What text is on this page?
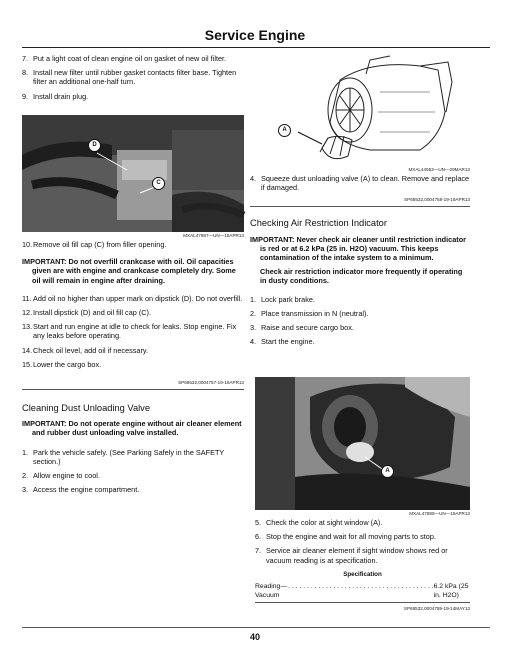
Service Engine
7. Put a light coat of clean engine oil on gasket of new oil filter.
8. Install new filter until rubber gasket contacts filter base. Tighten filter an additional one-half turn.
9. Install drain plug.
D
C
MXAL47887—UN—19APR13
10. Remove oil fill cap (C) from filler opening.
IMPORTANT: Do not overfill crankcase with oil. Oil capacities given are with engine and crankcase completely dry. Some oil will remain in engine after draining.
11. Add oil no higher than upper mark on dipstick (D). Do not overfill.
12. Install dipstick (D) and oil fill cap (C).
13. Start and run engine at idle to check for leaks. Stop engine. Fix any leaks before operating.
14. Check oil level, add oil if necessary.
15. Lower the cargo box.
SP68532,0004757-19-19APR13
Cleaning Dust Unloading Valve
IMPORTANT: Do not operate engine without air cleaner element and rubber dust unloading valve installed.
1. Park the vehicle safely. (See Parking Safely in the SAFETY section.)
2. Allow engine to cool.
3. Access the engine compartment.
A
MXAL44553—UN—29MAR13
4. Squeeze dust unloading valve (A) to clean. Remove and replace if damaged.
SP68532,0004758-19-19APR13
Checking Air Restriction Indicator
IMPORTANT: Never check air cleaner until restriction indicator is red or at 6.2 kPa (25 in. H2O) vacuum. This keeps contamination of the intake system to a minimum.
Check air restriction indicator more frequently if operating in dusty conditions.
1. Lock park brake.
2. Place transmission in N (neutral).
3. Raise and secure cargo box.
4. Start the engine.
A
MXAL47889—UN—19APR13
5. Check the color at sight window (A).
6. Stop the engine and wait for all moving parts to stop.
7. Service air cleaner element if sight window shows red or vacuum reading is at specification.
Specification
Reading—Vacuum
. . . . . . . . . . . . . . . . . . . . . . . . . . . . . . . . . . . . . . . 6.2 kPa (25 in. H2O)
SP68532,0004759-19-14MAY13
40
